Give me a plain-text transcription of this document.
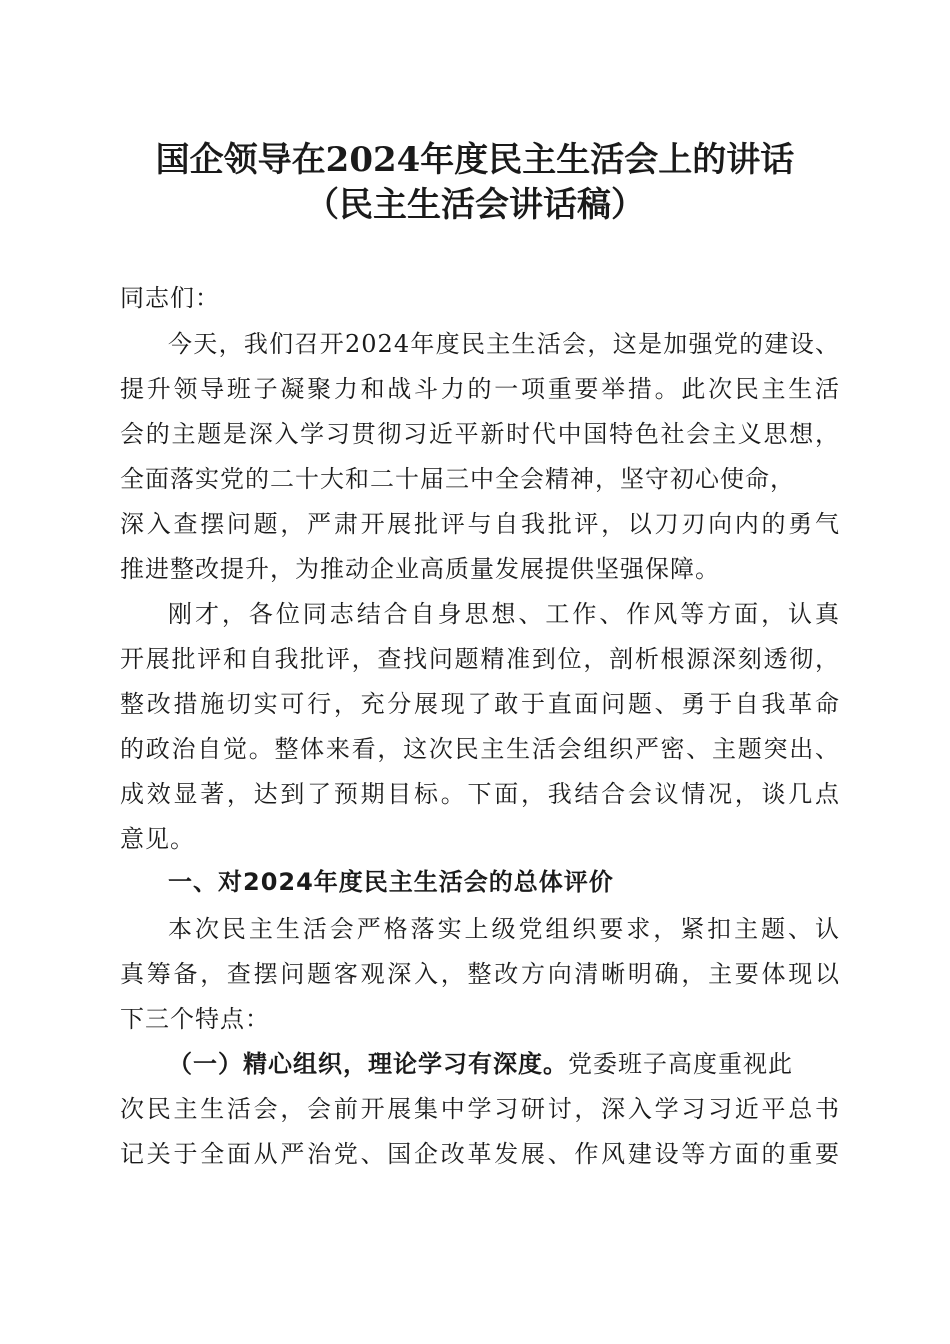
国企领导在2024年度民主生活会上的讲话
（民主生活会讲话稿）
同志们：
今天，我们召开2024年度民主生活会，这是加强党的建设、
提升领导班子凝聚力和战斗力的一项重要举措。此次民主生活
会的主题是深入学习贯彻习近平新时代中国特色社会主义思想，
全面落实党的二十大和二十届三中全会精神，坚守初心使命，
深入查摆问题，严肃开展批评与自我批评，以刀刃向内的勇气
推进整改提升，为推动企业高质量发展提供坚强保障。
刚才，各位同志结合自身思想、工作、作风等方面，认真
开展批评和自我批评，查找问题精准到位，剖析根源深刻透彻，
整改措施切实可行，充分展现了敢于直面问题、勇于自我革命
的政治自觉。整体来看，这次民主生活会组织严密、主题突出、
成效显著，达到了预期目标。下面，我结合会议情况，谈几点
意见。
一、对2024年度民主生活会的总体评价
本次民主生活会严格落实上级党组织要求，紧扣主题、认
真筹备，查摆问题客观深入，整改方向清晰明确，主要体现以
下三个特点：
（一）精心组织，理论学习有深度。党委班子高度重视此
次民主生活会，会前开展集中学习研讨，深入学习习近平总书
记关于全面从严治党、国企改革发展、作风建设等方面的重要
